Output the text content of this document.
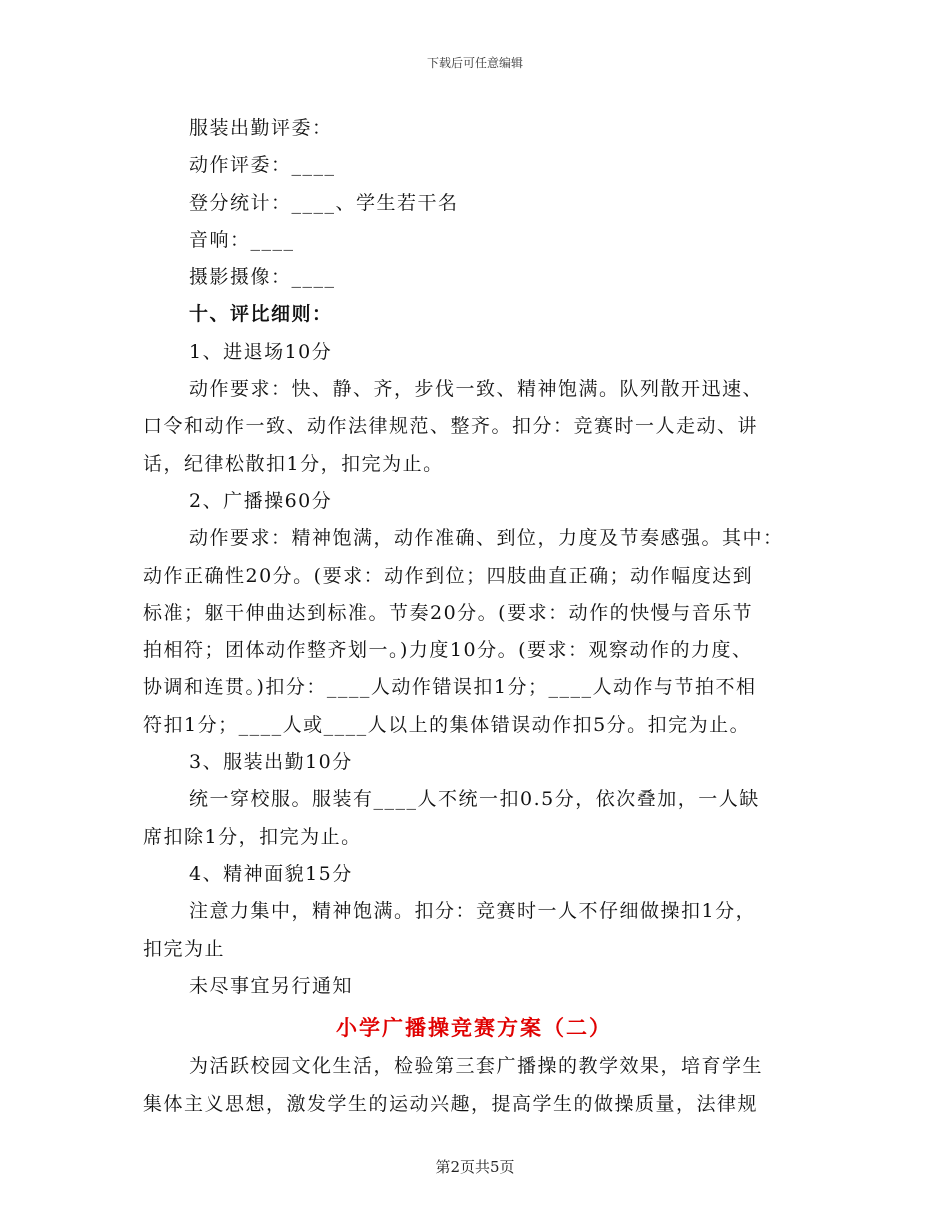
下载后可任意编辑
服装出勤评委：
动作评委：____
登分统计：____、学生若干名
音响：____
摄影摄像：____
十、评比细则：
1、进退场10分
动作要求：快、静、齐，步伐一致、精神饱满。队列散开迅速、
口令和动作一致、动作法律规范、整齐。扣分：竞赛时一人走动、讲
话，纪律松散扣1分，扣完为止。
2、广播操60分
动作要求：精神饱满，动作准确、到位，力度及节奏感强。其中：
动作正确性20分。(要求：动作到位；四肢曲直正确；动作幅度达到
标准；躯干伸曲达到标准。节奏20分。(要求：动作的快慢与音乐节
拍相符；团体动作整齐划一。)力度10分。(要求：观察动作的力度、
协调和连贯。)扣分：____人动作错误扣1分；____人动作与节拍不相
符扣1分；____人或____人以上的集体错误动作扣5分。扣完为止。
3、服装出勤10分
统一穿校服。服装有____人不统一扣0.5分，依次叠加，一人缺
席扣除1分，扣完为止。
4、精神面貌15分
注意力集中，精神饱满。扣分：竞赛时一人不仔细做操扣1分，
扣完为止
未尽事宜另行通知
小学广播操竞赛方案（二）
为活跃校园文化生活，检验第三套广播操的教学效果，培育学生
集体主义思想，激发学生的运动兴趣，提高学生的做操质量，法律规
第2页共5页
